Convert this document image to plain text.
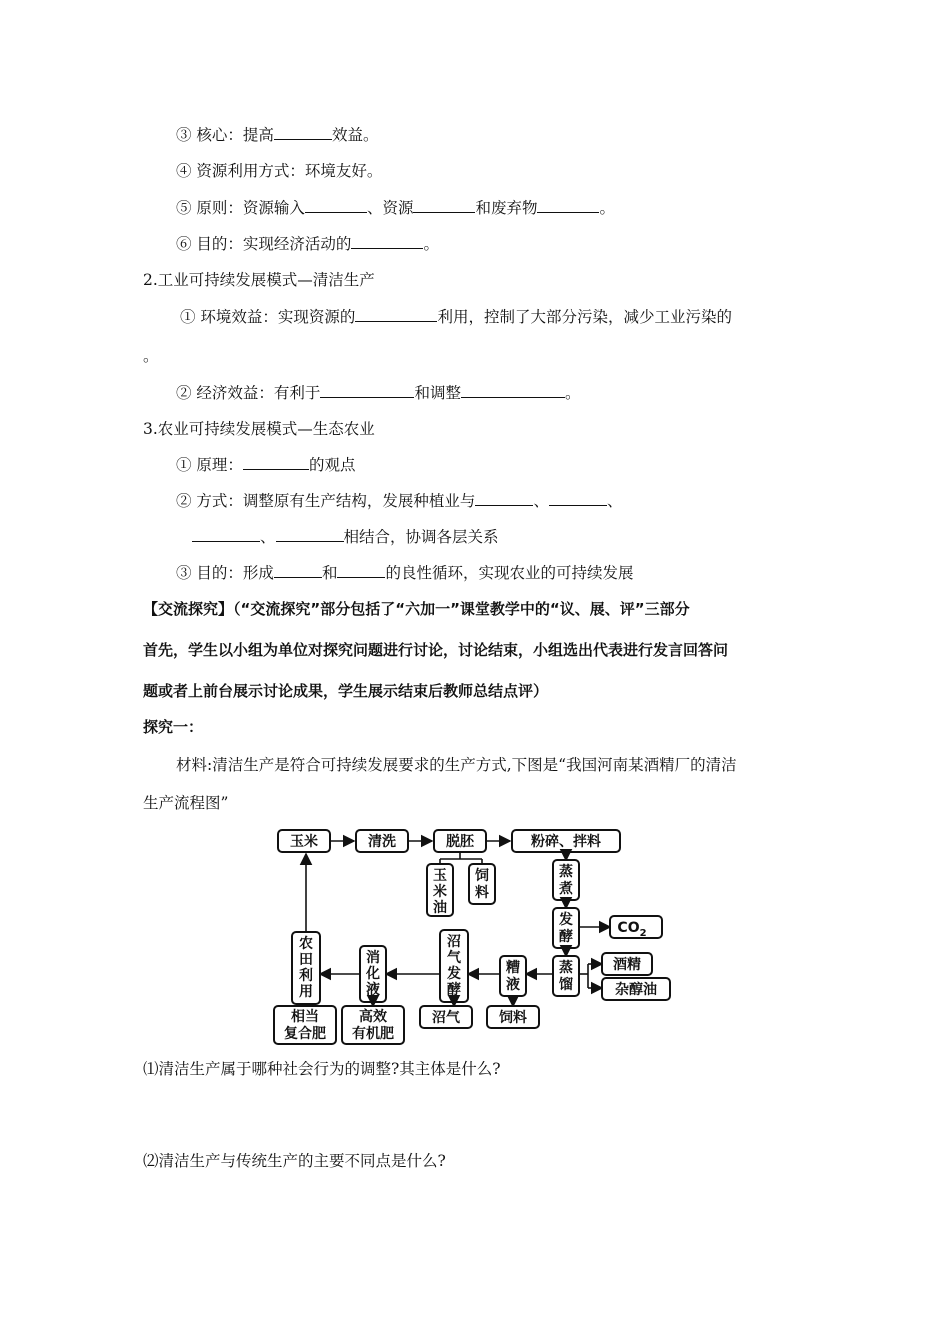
③ 核心：提高	效益。
④ 资源利用方式：环境友好。
⑤ 原则：资源输入	、资源	和废弃物	。
⑥ 目的：实现经济活动的	。
2.工业可持续发展模式—清洁生产
① 环境效益：实现资源的	利用，控制了大部分污染，减少工业污染的
。
② 经济效益：有利于	和调整	。
3.农业可持续发展模式—生态农业
① 原理：	的观点
② 方式：调整原有生产结构，发展种植业与	、	、
、	相结合，协调各层关系
③ 目的：形成	和	的良性循环，实现农业的可持续发展
【交流探究】（“交流探究”部分包括了“六加一”课堂教学中的“议、展、评”三部分
首先，学生以小组为单位对探究问题进行讨论，讨论结束，小组选出代表进行发言回答问
题或者上前台展示讨论成果，学生展示结束后教师总结点评）
探究一：
材料:清洁生产是符合可持续发展要求的生产方式,下图是“我国河南某酒精厂的清洁
生产流程图”
玉米	清洗	脱胚	粉碎、拌料
玉
米
油
饲
料
蒸
煮
发
酵
$CO_2$
蒸
馏
酒精
杂醇油
糟
液
饲料
沼
气
发
酵
沼气
消
化
液
高效
有机肥
农
田
利
用
相当
复合肥
⑴清洁生产属于哪种社会行为的调整?其主体是什么?
⑵清洁生产与传统生产的主要不同点是什么?
